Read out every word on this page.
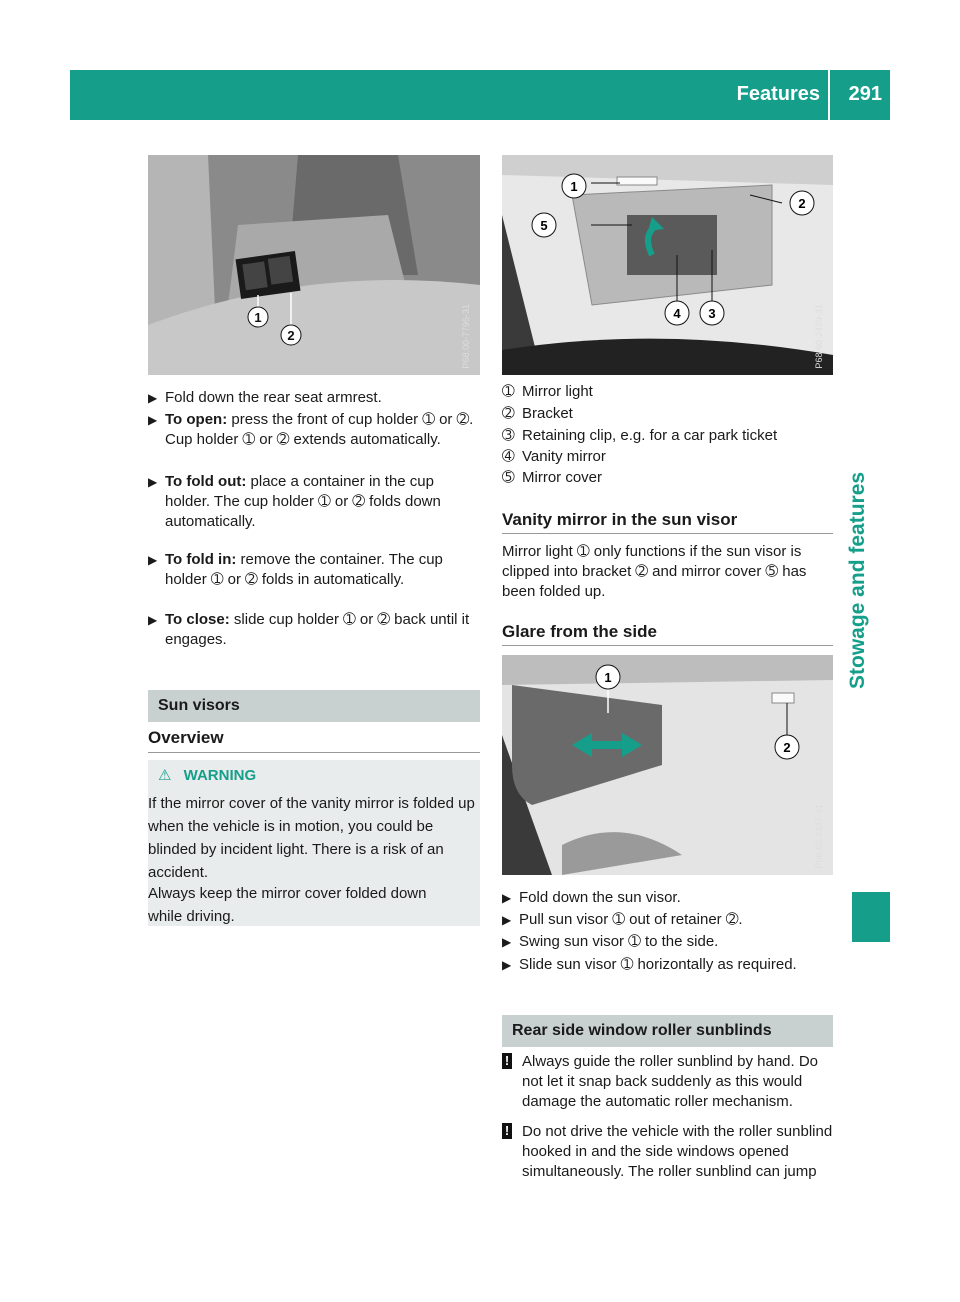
Features 291
Stowage and features
1
2	P68.00-7795-31
▶ Fold down the rear seat armrest.
▶ To open: press the front of cup holder ➀ or ➁. Cup holder ➀ or ➁ extends automatically.
▶ To fold out: place a container in the cup holder. The cup holder ➀ or ➁ folds down automatically.
▶ To fold in: remove the container. The cup holder ➀ or ➁ folds in automatically.
▶ To close: slide cup holder ➀ or ➁ back until it engages.
Sun visors
Overview
⚠ WARNING
If the mirror cover of the vanity mirror is folded up when the vehicle is in motion, you could be blinded by incident light. There is a risk of an accident.
Always keep the mirror cover folded down while driving.
1
2
3
4
5
P68.60-2429-31
➀ Mirror light
➁ Bracket
➂ Retaining clip, e.g. for a car park ticket
➃ Vanity mirror
➄ Mirror cover
Vanity mirror in the sun visor
Mirror light ➀ only functions if the sun visor is clipped into bracket ➁ and mirror cover ➄ has been folded up.
Glare from the side
1
2
P68.60-2437-31
▶ Fold down the sun visor.
▶ Pull sun visor ➀ out of retainer ➁.
▶ Swing sun visor ➀ to the side.
▶ Slide sun visor ➀ horizontally as required.
Rear side window roller sunblinds
! Always guide the roller sunblind by hand. Do not let it snap back suddenly as this would damage the automatic roller mechanism.
! Do not drive the vehicle with the roller sunblind hooked in and the side windows opened simultaneously. The roller sunblind can jump
